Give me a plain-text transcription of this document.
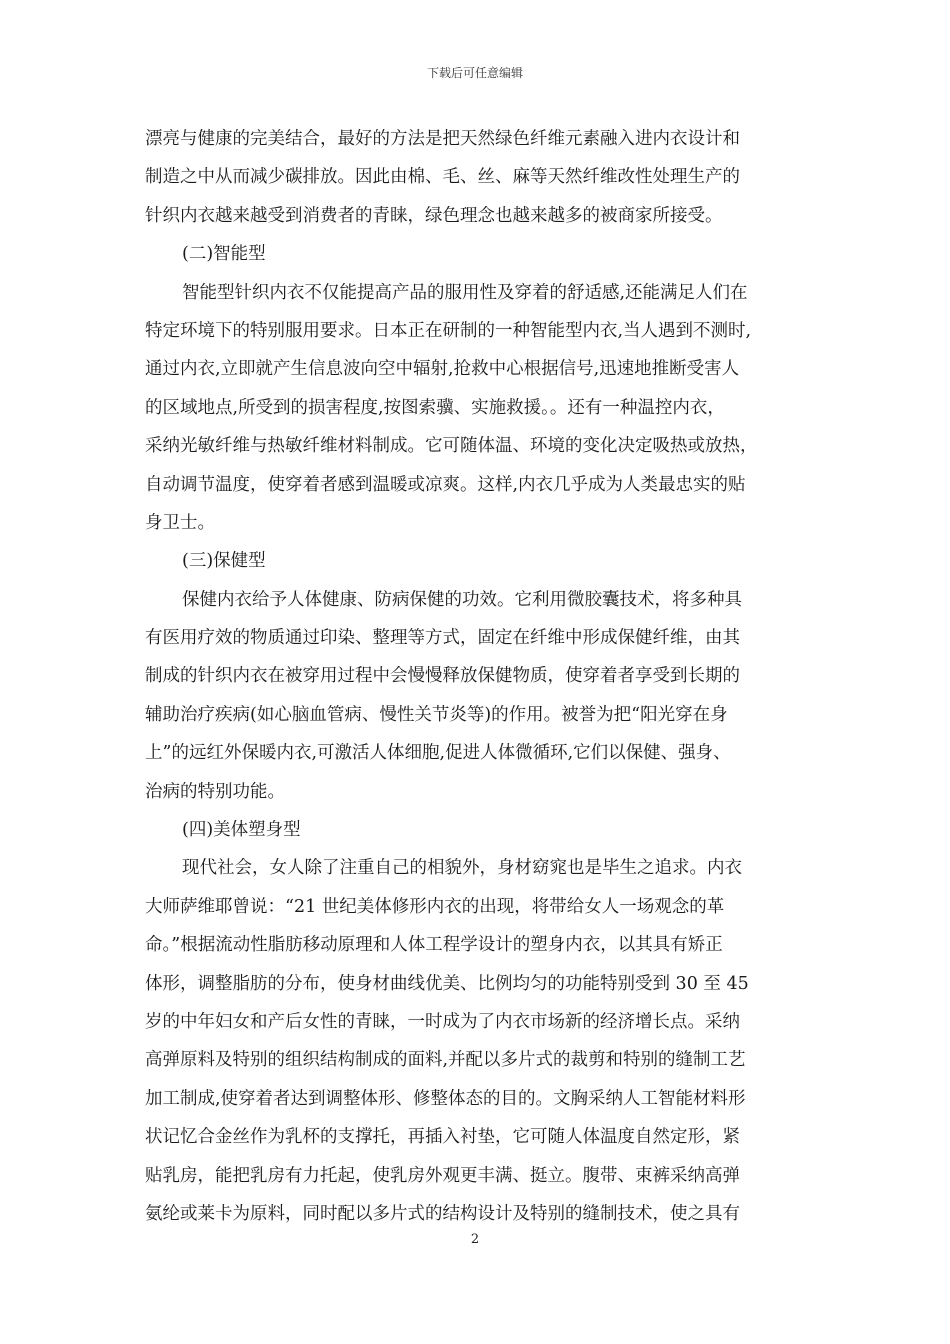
下载后可任意编辑
漂亮与健康的完美结合，最好的方法是把天然绿色纤维元素融入进内衣设计和
制造之中从而减少碳排放。因此由棉、毛、丝、麻等天然纤维改性处理生产的
针织内衣越来越受到消费者的青睐，绿色理念也越来越多的被商家所接受。
(二)智能型
智能型针织内衣不仅能提高产品的服用性及穿着的舒适感,还能满足人们在
特定环境下的特别服用要求。日本正在研制的一种智能型内衣,当人遇到不测时,
通过内衣,立即就产生信息波向空中辐射,抢救中心根据信号,迅速地推断受害人
的区域地点,所受到的损害程度,按图索骥、实施救援。。还有一种温控内衣，
采纳光敏纤维与热敏纤维材料制成。它可随体温、环境的变化决定吸热或放热，
自动调节温度，使穿着者感到温暖或凉爽。这样,内衣几乎成为人类最忠实的贴
身卫士。
(三)保健型
保健内衣给予人体健康、防病保健的功效。它利用微胶囊技术，将多种具
有医用疗效的物质通过印染、整理等方式，固定在纤维中形成保健纤维，由其
制成的针织内衣在被穿用过程中会慢慢释放保健物质，使穿着者享受到长期的
辅助治疗疾病(如心脑血管病、慢性关节炎等)的作用。被誉为把“阳光穿在身
上”的远红外保暖内衣,可激活人体细胞,促进人体微循环,它们以保健、强身、
治病的特别功能。
(四)美体塑身型
现代社会，女人除了注重自己的相貌外，身材窈窕也是毕生之追求。内衣
大师萨维耶曾说：“21 世纪美体修形内衣的出现，将带给女人一场观念的革
命。”根据流动性脂肪移动原理和人体工程学设计的塑身内衣，以其具有矫正
体形，调整脂肪的分布，使身材曲线优美、比例均匀的功能特别受到 30 至 45
岁的中年妇女和产后女性的青睐，一时成为了内衣市场新的经济增长点。采纳
高弹原料及特别的组织结构制成的面料,并配以多片式的裁剪和特别的缝制工艺
加工制成,使穿着者达到调整体形、修整体态的目的。文胸采纳人工智能材料形
状记忆合金丝作为乳杯的支撑托，再插入衬垫，它可随人体温度自然定形，紧
贴乳房，能把乳房有力托起，使乳房外观更丰满、挺立。腹带、束裤采纳高弹
氨纶或莱卡为原料，同时配以多片式的结构设计及特别的缝制技术，使之具有
2
